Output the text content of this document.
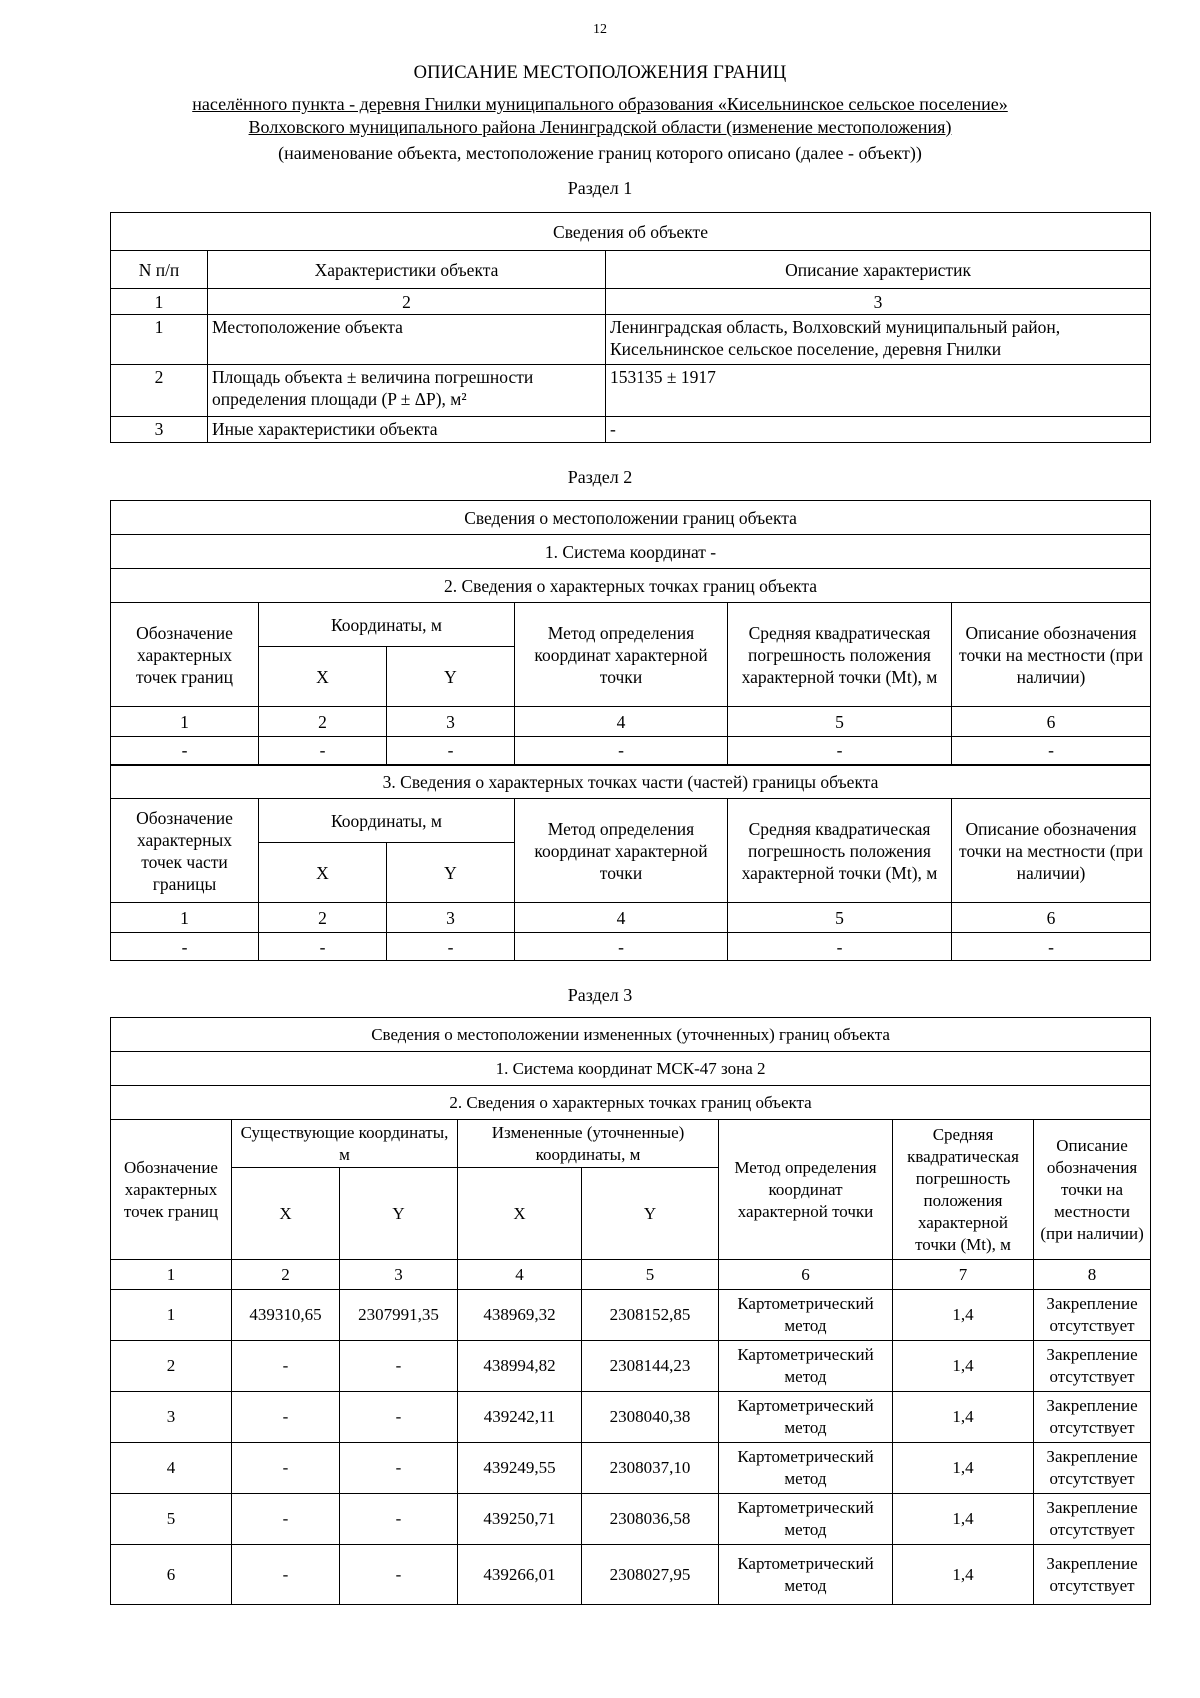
12
ОПИСАНИЕ МЕСТОПОЛОЖЕНИЯ ГРАНИЦ
населённого пункта - деревня Гнилки муниципального образования «Кисельнинское сельское поселение»
Волховского муниципального района Ленинградской области (изменение местоположения)
(наименование объекта, местоположение границ которого описано (далее - объект))
Раздел 1
Сведения об объекте		
N п/п	Характеристики объекта	Описание характеристик
1	2	3
1	Местоположение объекта	Ленинградская область, Волховский муниципальный район, Кисельнинское сельское поселение, деревня Гнилки
2	Площадь объекта ± величина погрешности определения площади (P ± ΔP), м²	153135 ± 1917
3	Иные характеристики объекта	-
Раздел 2
Сведения о местоположении границ объекта					
1. Система координат -					
2. Сведения о характерных точках границ объекта					
Обозначение характерных точек границ	Координаты, м		Метод определения координат характерной точки	Средняя квадратическая погрешность положения характерной точки (Mt), м	Описание обозначения точки на местности (при наличии)
	X	Y			
1	2	3	4	5	6
-	-	-	-	-	-
3. Сведения о характерных точках части (частей) границы объекта					
Обозначение характерных точек части границы	Координаты, м		Метод определения координат характерной точки	Средняя квадратическая погрешность положения характерной точки (Mt), м	Описание обозначения точки на местности (при наличии)
	X	Y			
1	2	3	4	5	6
-	-	-	-	-	-
Раздел 3
Сведения о местоположении измененных (уточненных) границ объекта							
1. Система координат МСК-47 зона 2							
2. Сведения о характерных точках границ объекта							
Обозначение характерных точек границ	Существующие координаты, м		Измененные (уточненные) координаты, м		Метод определения координат характерной точки	Средняя квадратическая погрешность положения характерной точки (Mt), м	Описание обозначения точки на местности (при наличии)
	X	Y	X	Y			
1	2	3	4	5	6	7	8
1	439310,65	2307991,35	438969,32	2308152,85	Картометрический метод	1,4	Закрепление отсутствует
2	-	-	438994,82	2308144,23	Картометрический метод	1,4	Закрепление отсутствует
3	-	-	439242,11	2308040,38	Картометрический метод	1,4	Закрепление отсутствует
4	-	-	439249,55	2308037,10	Картометрический метод	1,4	Закрепление отсутствует
5	-	-	439250,71	2308036,58	Картометрический метод	1,4	Закрепление отсутствует
6	-	-	439266,01	2308027,95	Картометрический метод	1,4	Закрепление отсутствует
